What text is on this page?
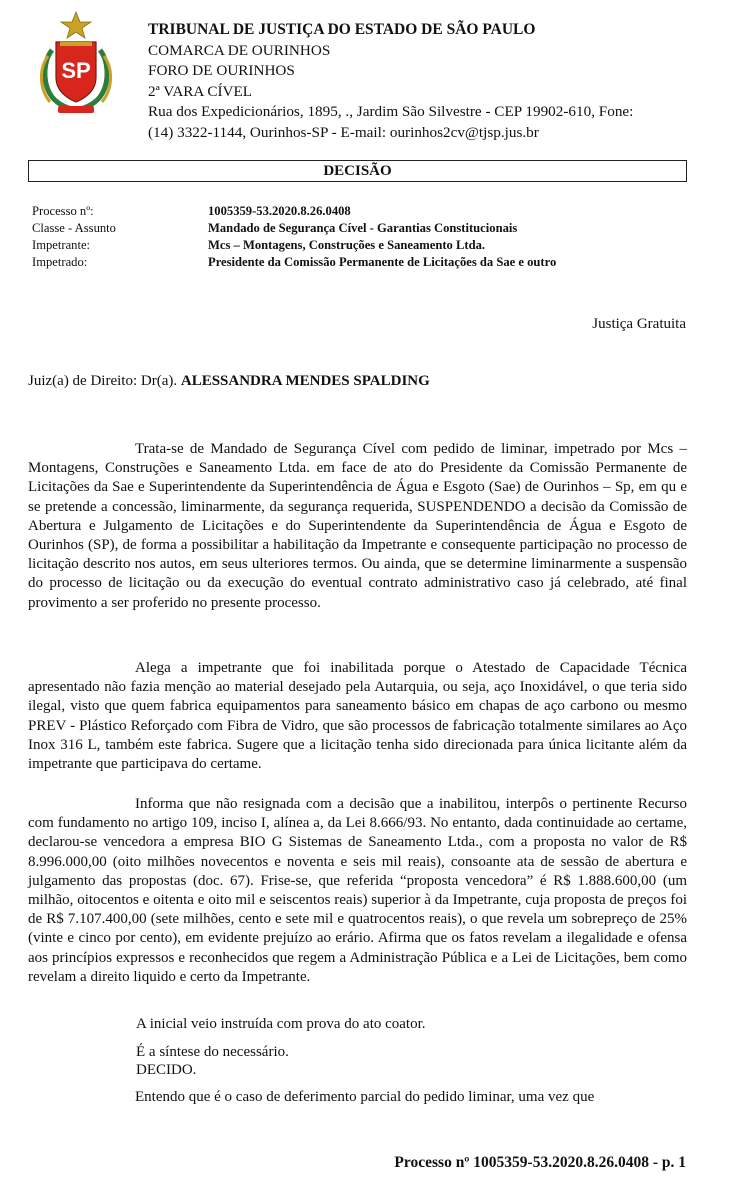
SP
TRIBUNAL DE JUSTIÇA DO ESTADO DE SÃO PAULO
COMARCA DE OURINHOS
FORO DE OURINHOS
2ª VARA CÍVEL
Rua dos Expedicionários, 1895, ., Jardim São Silvestre - CEP 19902-610, Fone:
(14) 3322-1144, Ourinhos-SP - E-mail: ourinhos2cv@tjsp.jus.br
DECISÃO
Processo nº:	1005359-53.2020.8.26.0408
Classe - Assunto	Mandado de Segurança Cível - Garantias Constitucionais
Impetrante:	Mcs – Montagens, Construções e Saneamento Ltda.
Impetrado:	Presidente da Comissão Permanente de Licitações da Sae e outro
Justiça Gratuita
Juiz(a) de Direito: Dr(a). ALESSANDRA MENDES SPALDING

Trata-se de Mandado de Segurança Cível com pedido de liminar, impetrado por Mcs – Montagens, Construções e Saneamento Ltda. em face de ato do Presidente da Comissão Permanente de Licitações da Sae e Superintendente da Superintendência de Água e Esgoto (Sae) de Ourinhos – Sp, em qu e se pretende a concessão, liminarmente, da segurança requerida, SUSPENDENDO a decisão da Comissão de Abertura e Julgamento de Licitações e do Superintendente da Superintendência de Água e Esgoto de Ourinhos (SP), de forma a possibilitar a habilitação da Impetrante e consequente participação no processo de licitação descrito nos autos, em seus ulteriores termos. Ou ainda, que se determine liminarmente a suspensão do processo de licitação ou da execução do eventual contrato administrativo caso já celebrado, até final provimento a ser proferido no presente processo.

Alega a impetrante que foi inabilitada porque o Atestado de Capacidade Técnica apresentado não fazia menção ao material desejado pela Autarquia, ou seja, aço Inoxidável, o que teria sido ilegal, visto que quem fabrica equipamentos para saneamento básico em chapas de aço carbono ou mesmo PREV - Plástico Reforçado com Fibra de Vidro, que são processos de fabricação totalmente similares ao Aço Inox 316 L, também este fabrica. Sugere que a licitação tenha sido direcionada para única licitante além da impetrante que participava do certame.

Informa que não resignada com a decisão que a inabilitou, interpôs o pertinente Recurso com fundamento no artigo 109, inciso I, alínea a, da Lei 8.666/93. No entanto, dada continuidade ao certame, declarou-se vencedora a empresa BIO G Sistemas de Saneamento Ltda., com a proposta no valor de R$ 8.996.000,00 (oito milhões novecentos e noventa e seis mil reais), consoante ata de sessão de abertura e julgamento das propostas (doc. 67). Frise-se, que referida “proposta vencedora” é R$ 1.888.600,00 (um milhão, oitocentos e oitenta e oito mil e seiscentos reais) superior à da Impetrante, cuja proposta de preços foi de R$ 7.107.400,00 (sete milhões, cento e sete mil e quatrocentos reais), o que revela um sobrepreço de 25% (vinte e cinco por cento), em evidente prejuízo ao erário. Afirma que os fatos revelam a ilegalidade e ofensa aos princípios expressos e reconhecidos que regem a Administração Pública e a Lei de Licitações, bem como revelam a direito liquido e certo da Impetrante.

A inicial veio instruída com prova do ato coator.

É a síntese do necessário.

DECIDO.

Entendo que é o caso de deferimento parcial do pedido liminar, uma vez que

Processo nº 1005359-53.2020.8.26.0408 - p. 1
